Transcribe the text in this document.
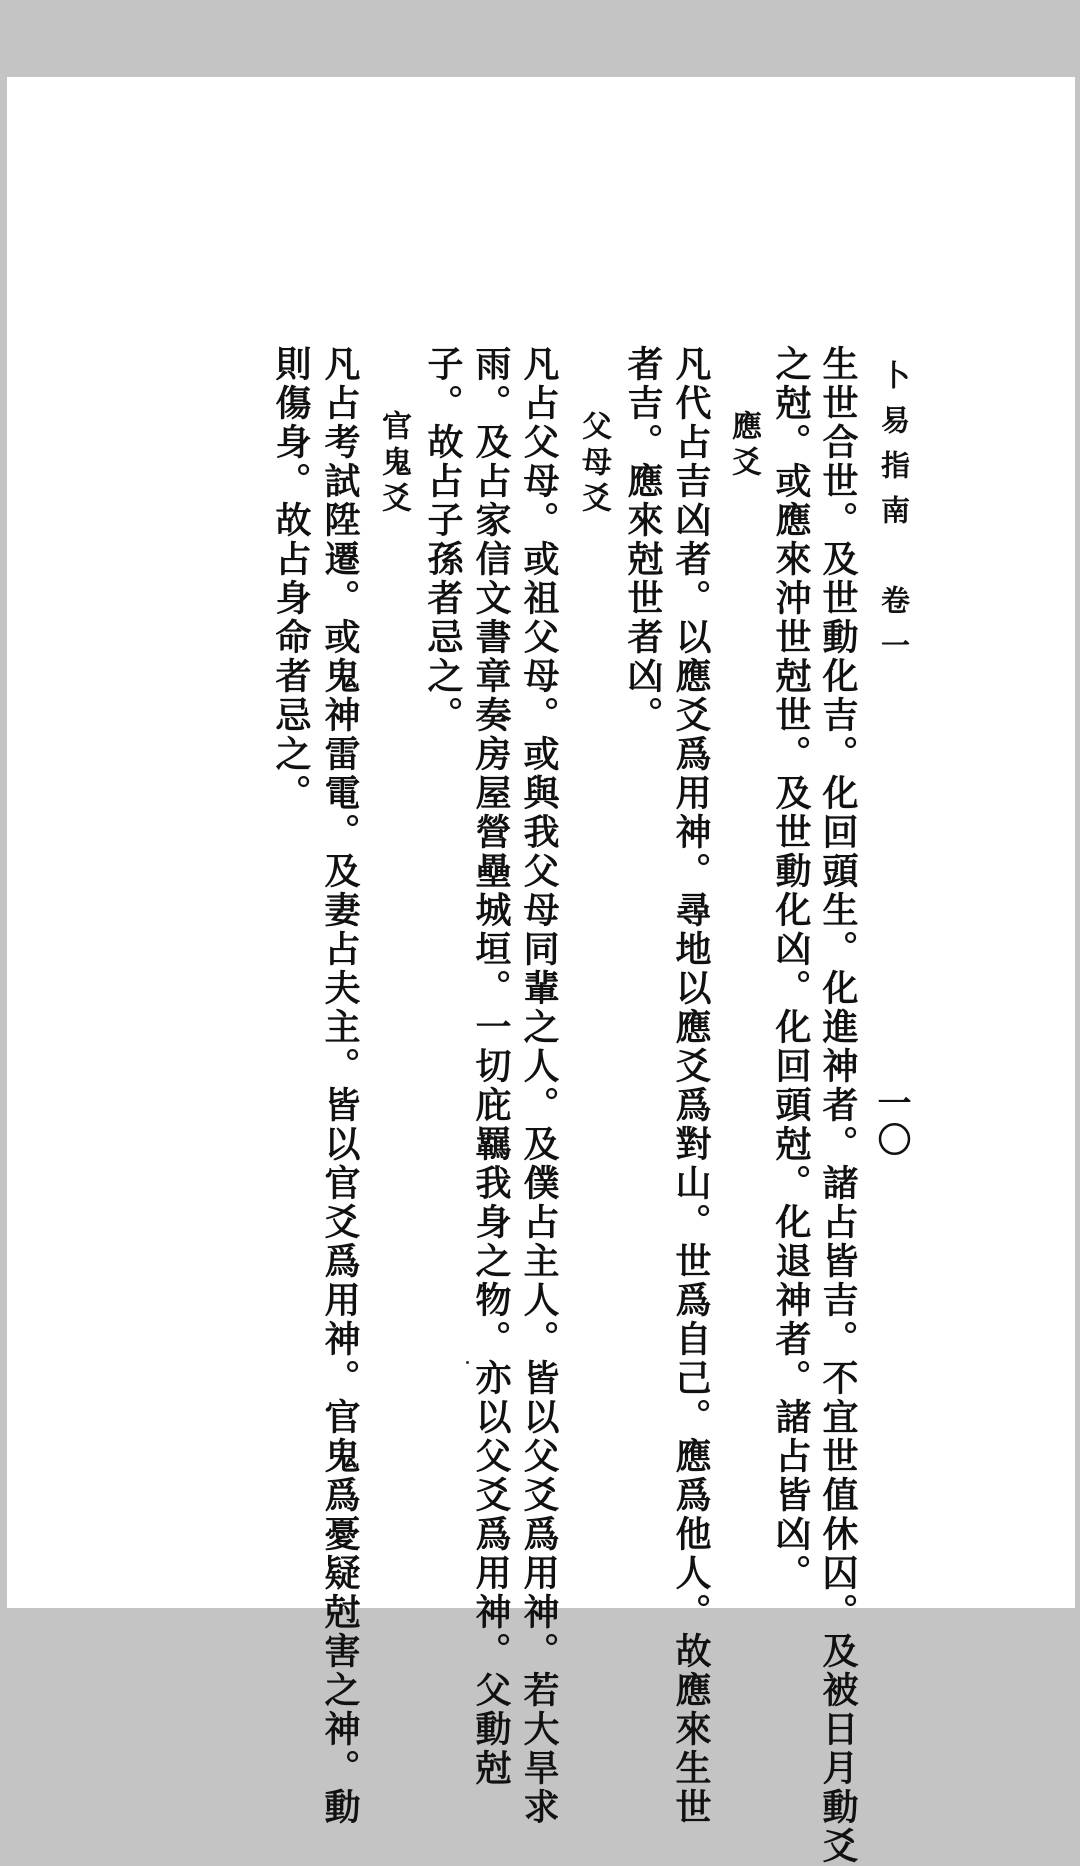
卜易指南　卷一
一〇
生世合世。及世動化吉。化回頭生。化進神者。諸占皆吉。不宜世值休囚。及被日月動爻
之尅。或應來沖世尅世。及世動化凶。化回頭尅。化退神者。諸占皆凶。
應爻
凡代占吉凶者。以應爻爲用神。尋地以應爻爲對山。世爲自己。應爲他人。故應來生世
者吉。應來尅世者凶。
父母爻
凡占父母。或祖父母。或與我父母同輩之人。及僕占主人。皆以父爻爲用神。若大旱求
雨。及占家信文書章奏房屋營壘城垣。一切庇羈我身之物。亦以父爻爲用神。父動尅
子。故占子孫者忌之。
官鬼爻
凡占考試陞遷。或鬼神雷電。及妻占夫主。皆以官爻爲用神。官鬼爲憂疑尅害之神。動
則傷身。故占身命者忌之。
